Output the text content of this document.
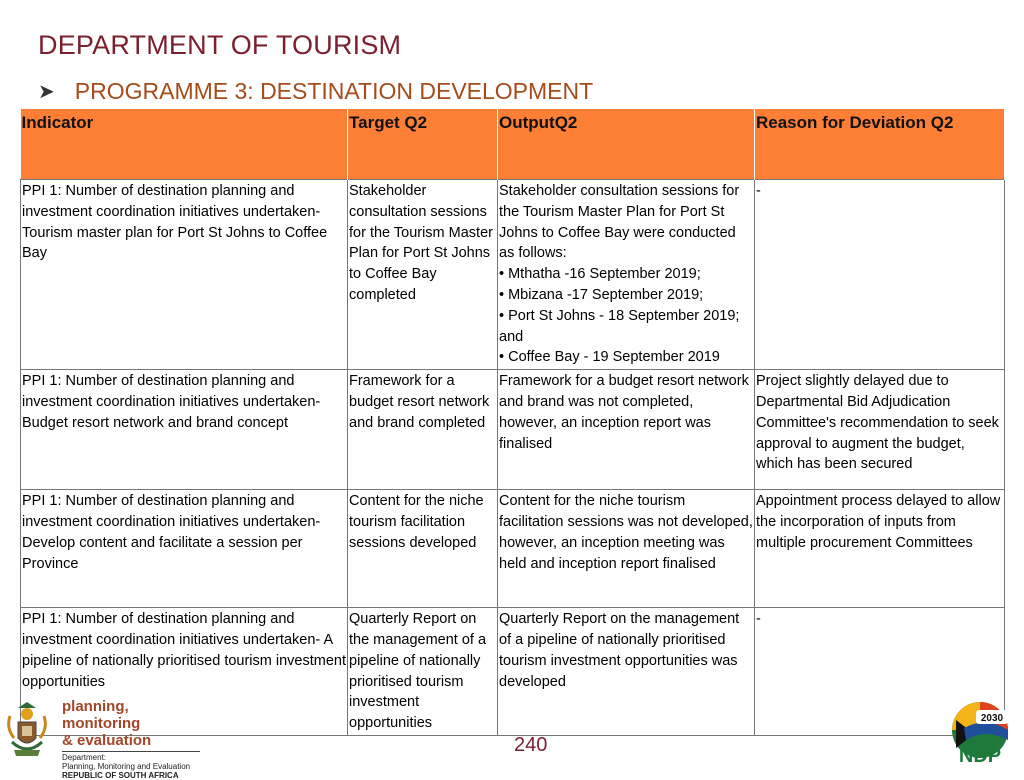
DEPARTMENT OF TOURISM
➤ PROGRAMME 3: DESTINATION DEVELOPMENT
Indicator	Target Q2	OutputQ2	Reason for Deviation Q2
PPI 1: Number of destination planning and investment coordination initiatives undertaken- Tourism master plan for Port St Johns to Coffee Bay	Stakeholder consultation sessions for the Tourism Master Plan for Port St Johns to Coffee Bay completed	Stakeholder consultation sessions for the Tourism Master Plan for Port St Johns to Coffee Bay were conducted as follows:
• Mthatha -16 September 2019;
• Mbizana -17 September 2019;
• Port St Johns - 18 September 2019; and
• Coffee Bay - 19 September 2019	-
PPI 1: Number of destination planning and investment coordination initiatives undertaken- Budget resort network and brand concept	Framework for a budget resort network and brand completed	Framework for a budget resort network and brand was not completed, however, an inception report was finalised	Project slightly delayed due to Departmental Bid Adjudication Committee's recommendation to seek approval to augment the budget, which has been secured
PPI 1: Number of destination planning and investment coordination initiatives undertaken- Develop content and facilitate a session per Province	Content for the niche tourism facilitation sessions developed	Content for the niche tourism facilitation sessions was not developed, however, an inception meeting was held and inception report finalised	Appointment process delayed to allow the incorporation of inputs from multiple procurement Committees
PPI 1: Number of destination planning and investment coordination initiatives undertaken- A pipeline of nationally prioritised tourism investment opportunities	Quarterly Report on the management of a pipeline of nationally prioritised tourism investment opportunities	Quarterly Report on the management of a pipeline of nationally prioritised tourism investment opportunities was developed	-
planning, monitoring
& evaluation
Department:
Planning, Monitoring and Evaluation
REPUBLIC OF SOUTH AFRICA
240
2030
NDP
